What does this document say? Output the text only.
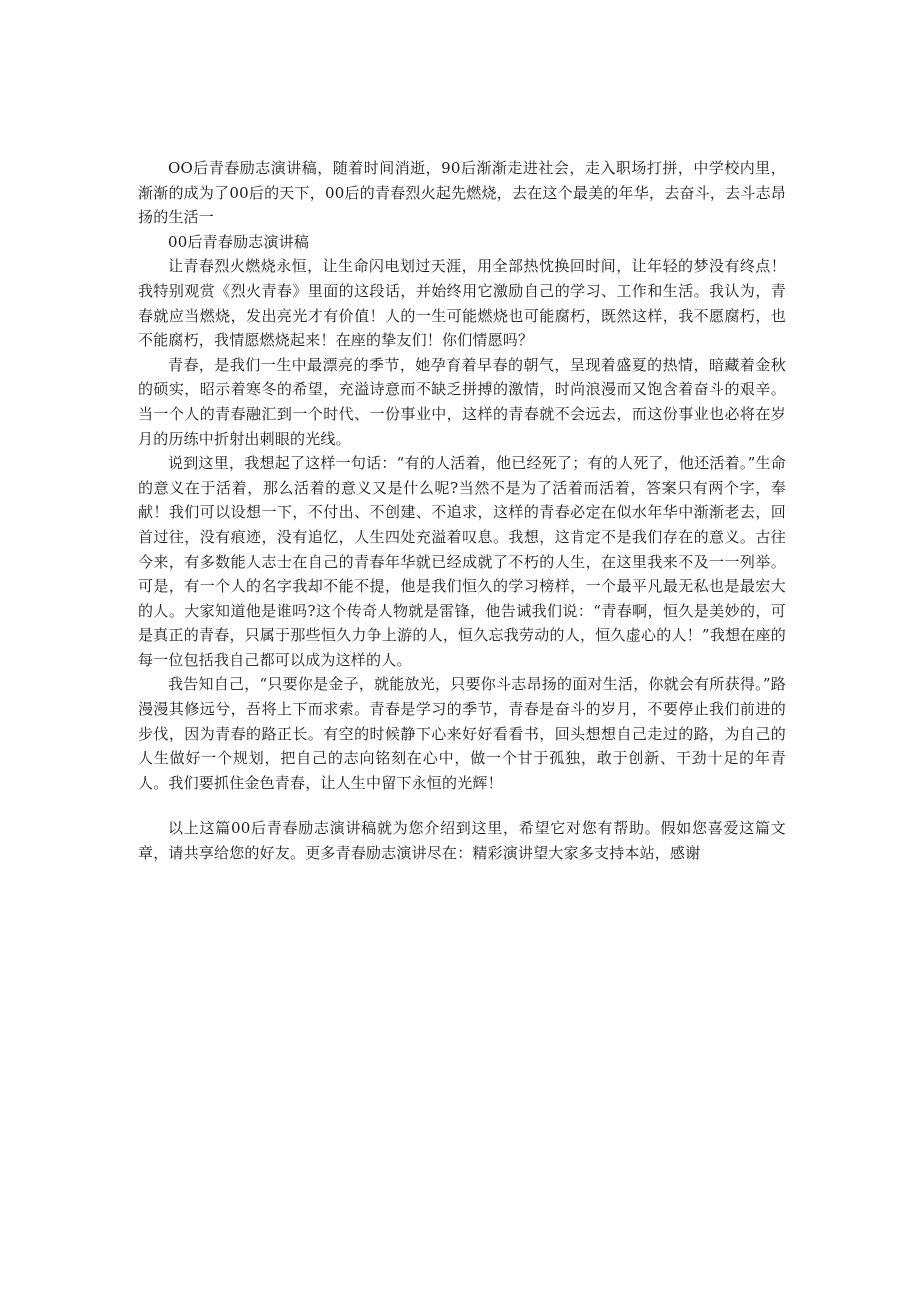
OO后青春励志演讲稿，随着时间消逝，90后渐渐走进社会，走入职场打拼，中学校内里，渐渐的成为了00后的天下，00后的青春烈火起先燃烧，去在这个最美的年华，去奋斗，去斗志昂扬的生活一

00后青春励志演讲稿

让青春烈火燃烧永恒，让生命闪电划过天涯，用全部热忱换回时间，让年轻的梦没有终点！我特别观赏《烈火青春》里面的这段话，并始终用它激励自己的学习、工作和生活。我认为，青春就应当燃烧，发出亮光才有价值！人的一生可能燃烧也可能腐朽，既然这样，我不愿腐朽，也不能腐朽，我情愿燃烧起来！在座的挚友们！你们情愿吗？

青春，是我们一生中最漂亮的季节，她孕育着早春的朝气，呈现着盛夏的热情，暗藏着金秋的硕实，昭示着寒冬的希望，充溢诗意而不缺乏拼搏的激情，时尚浪漫而又饱含着奋斗的艰辛。当一个人的青春融汇到一个时代、一份事业中，这样的青春就不会远去，而这份事业也必将在岁月的历练中折射出刺眼的光线。

说到这里，我想起了这样一句话：“有的人活着，他已经死了；有的人死了，他还活着。”生命的意义在于活着，那么活着的意义又是什么呢?当然不是为了活着而活着，答案只有两个字，奉献！我们可以设想一下，不付出、不创建、不追求，这样的青春必定在似水年华中渐渐老去，回首过往，没有痕迹，没有追忆，人生四处充溢着叹息。我想，这肯定不是我们存在的意义。古往今来，有多数能人志士在自己的青春年华就已经成就了不朽的人生，在这里我来不及一一列举。可是，有一个人的名字我却不能不提，他是我们恒久的学习榜样，一个最平凡最无私也是最宏大的人。大家知道他是谁吗?这个传奇人物就是雷锋，他告诫我们说：“青春啊，恒久是美妙的，可是真正的青春，只属于那些恒久力争上游的人，恒久忘我劳动的人，恒久虚心的人！”我想在座的每一位包括我自己都可以成为这样的人。

我告知自己，“只要你是金子，就能放光，只要你斗志昂扬的面对生活，你就会有所获得。”路漫漫其修远兮，吾将上下而求索。青春是学习的季节，青春是奋斗的岁月，不要停止我们前进的步伐，因为青春的路正长。有空的时候静下心来好好看看书，回头想想自己走过的路，为自己的人生做好一个规划，把自己的志向铭刻在心中，做一个甘于孤独，敢于创新、干劲十足的年青人。我们要抓住金色青春，让人生中留下永恒的光辉！

以上这篇00后青春励志演讲稿就为您介绍到这里，希望它对您有帮助。假如您喜爱这篇文章，请共享给您的好友。更多青春励志演讲尽在：精彩演讲望大家多支持本站，感谢
